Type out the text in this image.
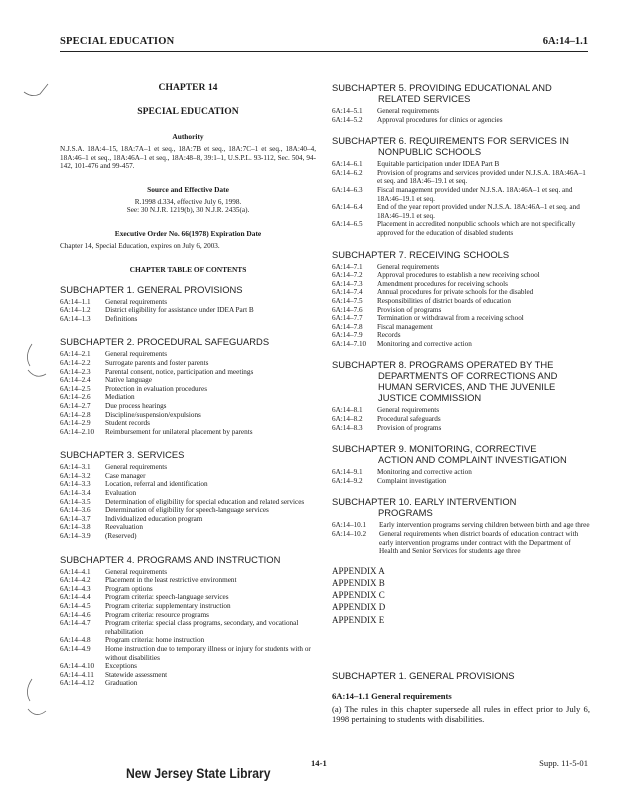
SPECIAL EDUCATION	6A:14–1.1
CHAPTER 14
SPECIAL EDUCATION
Authority
N.J.S.A. 18A:4–15, 18A:7A–1 et seq., 18A:7B et seq., 18A:7C–1 et seq., 18A:40–4, 18A:46–1 et seq., 18A:46A–1 et seq., 18A:48–8, 39:1–1, U.S.P.L. 93-112, Sec. 504, 94-142, 101-476 and 99-457.
Source and Effective Date
R.1998 d.334, effective July 6, 1998.
See: 30 N.J.R. 1219(b), 30 N.J.R. 2435(a).
Executive Order No. 66(1978) Expiration Date
Chapter 14, Special Education, expires on July 6, 2003.
CHAPTER TABLE OF CONTENTS
SUBCHAPTER 1. GENERAL PROVISIONS
6A:14–1.1	General requirements
6A:14–1.2	District eligibility for assistance under IDEA Part B
6A:14–1.3	Definitions
SUBCHAPTER 2. PROCEDURAL SAFEGUARDS
6A:14–2.1	General requirements
6A:14–2.2	Surrogate parents and foster parents
6A:14–2.3	Parental consent, notice, participation and meetings
6A:14–2.4	Native language
6A:14–2.5	Protection in evaluation procedures
6A:14–2.6	Mediation
6A:14–2.7	Due process hearings
6A:14–2.8	Discipline/suspension/expulsions
6A:14–2.9	Student records
6A:14–2.10	Reimbursement for unilateral placement by parents
SUBCHAPTER 3. SERVICES
6A:14–3.1	General requirements
6A:14–3.2	Case manager
6A:14–3.3	Location, referral and identification
6A:14–3.4	Evaluation
6A:14–3.5	Determination of eligibility for special education and related services
6A:14–3.6	Determination of eligibility for speech-language services
6A:14–3.7	Individualized education program
6A:14–3.8	Reevaluation
6A:14–3.9	(Reserved)
SUBCHAPTER 4. PROGRAMS AND INSTRUCTION
6A:14–4.1	General requirements
6A:14–4.2	Placement in the least restrictive environment
6A:14–4.3	Program options
6A:14–4.4	Program criteria: speech-language services
6A:14–4.5	Program criteria: supplementary instruction
6A:14–4.6	Program criteria: resource programs
6A:14–4.7	Program criteria: special class programs, secondary, and vocational rehabilitation
6A:14–4.8	Program criteria: home instruction
6A:14–4.9	Home instruction due to temporary illness or injury for students with or without disabilities
6A:14–4.10	Exceptions
6A:14–4.11	Statewide assessment
6A:14–4.12	Graduation
SUBCHAPTER 5. PROVIDING EDUCATIONAL AND
RELATED SERVICES
6A:14–5.1	General requirements
6A:14–5.2	Approval procedures for clinics or agencies
SUBCHAPTER 6. REQUIREMENTS FOR SERVICES IN
NONPUBLIC SCHOOLS
6A:14–6.1	Equitable participation under IDEA Part B
6A:14–6.2	Provision of programs and services provided under N.J.S.A. 18A:46A–1 et seq. and 18A:46–19.1 et seq.
6A:14–6.3	Fiscal management provided under N.J.S.A. 18A:46A–1 et seq. and 18A:46–19.1 et seq.
6A:14–6.4	End of the year report provided under N.J.S.A. 18A:46A–1 et seq. and 18A:46–19.1 et seq.
6A:14–6.5	Placement in accredited nonpublic schools which are not specifically approved for the education of disabled students
SUBCHAPTER 7. RECEIVING SCHOOLS
6A:14–7.1	General requirements
6A:14–7.2	Approval procedures to establish a new receiving school
6A:14–7.3	Amendment procedures for receiving schools
6A:14–7.4	Annual procedures for private schools for the disabled
6A:14–7.5	Responsibilities of district boards of education
6A:14–7.6	Provision of programs
6A:14–7.7	Termination or withdrawal from a receiving school
6A:14–7.8	Fiscal management
6A:14–7.9	Records
6A:14–7.10	Monitoring and corrective action
SUBCHAPTER 8. PROGRAMS OPERATED BY THE
DEPARTMENTS OF CORRECTIONS AND HUMAN SERVICES, AND THE JUVENILE JUSTICE COMMISSION
6A:14–8.1	General requirements
6A:14–8.2	Procedural safeguards
6A:14–8.3	Provision of programs
SUBCHAPTER 9. MONITORING, CORRECTIVE
ACTION AND COMPLAINT INVESTIGATION
6A:14–9.1	Monitoring and corrective action
6A:14–9.2	Complaint investigation
SUBCHAPTER 10. EARLY INTERVENTION
PROGRAMS
6A:14–10.1	Early intervention programs serving children between birth and age three
6A:14–10.2	General requirements when district boards of education contract with early intervention programs under contract with the Department of Health and Senior Services for students age three
APPENDIX A
APPENDIX B
APPENDIX C
APPENDIX D
APPENDIX E
SUBCHAPTER 1. GENERAL PROVISIONS
6A:14–1.1 General requirements
(a) The rules in this chapter supersede all rules in effect prior to July 6, 1998 pertaining to students with disabilities.
New Jersey State Library
14-1	Supp. 11-5-01
